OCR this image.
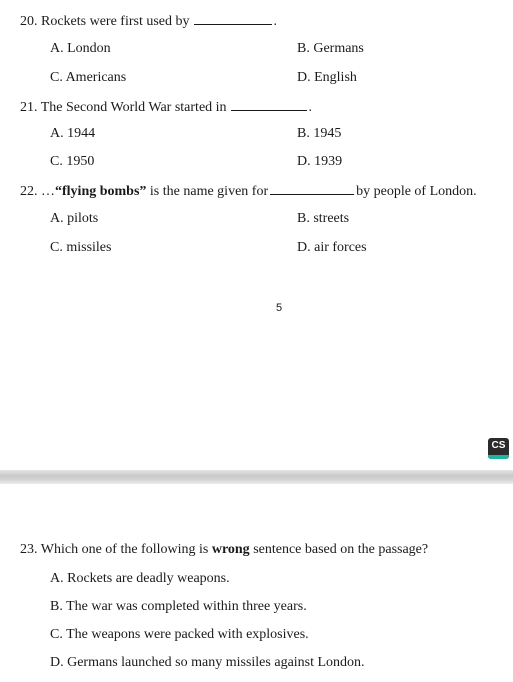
20. Rockets were first used by	.
A. London	B. Germans
C. Americans	D. English
21. The Second World War started in	.
A. 1944	B. 1945
C. 1950	D. 1939
22. …“flying bombs” is the name given for	by people of London.
A. pilots	B. streets
C. missiles	D. air forces
5
CS
23. Which one of the following is wrong sentence based on the passage?
A. Rockets are deadly weapons.
B. The war was completed within three years.
C. The weapons were packed with explosives.
D. Germans launched so many missiles against London.
